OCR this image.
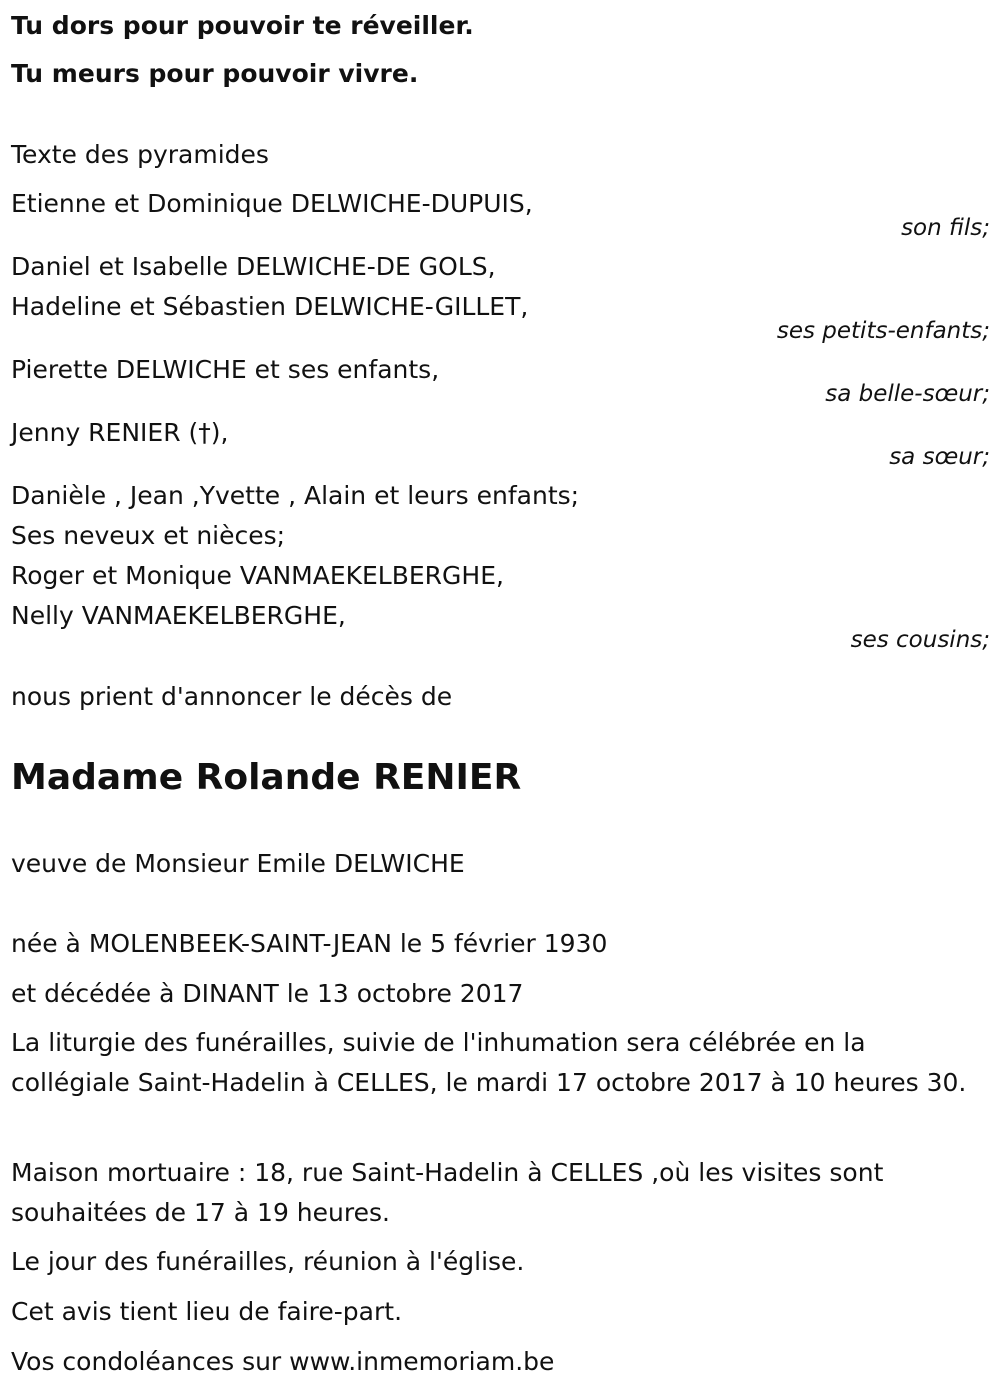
Tu dors pour pouvoir te réveiller.
Tu meurs pour pouvoir vivre.
Texte des pyramides
Etienne et Dominique DELWICHE-DUPUIS,
son fils;
Daniel et Isabelle DELWICHE-DE GOLS,
Hadeline et Sébastien DELWICHE-GILLET,
ses petits-enfants;
Pierette DELWICHE et ses enfants,
sa belle-sœur;
Jenny RENIER (†),
sa sœur;
Danièle , Jean ,Yvette , Alain et leurs enfants;
Ses neveux et nièces;
Roger et Monique VANMAEKELBERGHE,
Nelly VANMAEKELBERGHE,
ses cousins;
nous prient d'annoncer le décès de
Madame Rolande RENIER
veuve de Monsieur Emile DELWICHE
née à MOLENBEEK-SAINT-JEAN le 5 février 1930
et décédée à DINANT le 13 octobre 2017
La liturgie des funérailles, suivie de l'inhumation sera célébrée en la collégiale Saint-Hadelin à CELLES, le mardi 17 octobre 2017 à 10 heures 30.
Maison mortuaire : 18, rue Saint-Hadelin à CELLES ,où les visites sont souhaitées de 17 à 19 heures.
Le jour des funérailles, réunion à l'église.
Cet avis tient lieu de faire-part.
Vos condoléances sur www.inmemoriam.be
